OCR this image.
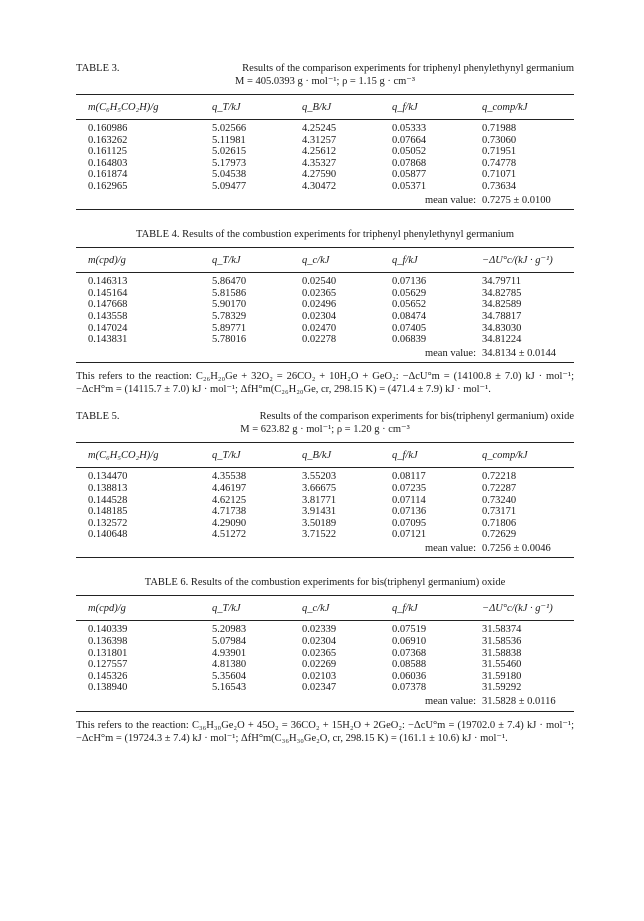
TABLE 3.	Results of the comparison experiments for triphenyl phenylethynyl germanium
M = 405.0393 g · mol⁻¹; ρ = 1.15 g · cm⁻³
m(C₆H₅CO₂H)/g	q_T/kJ	q_B/kJ	q_f/kJ	q_comp/kJ
0.160986	5.02566	4.25245	0.05333	0.71988
0.163262	5.11981	4.31257	0.07664	0.73060
0.161125	5.02615	4.25612	0.05052	0.71951
0.164803	5.17973	4.35327	0.07868	0.74778
0.161874	5.04538	4.27590	0.05877	0.71071
0.162965	5.09477	4.30472	0.05371	0.73634
mean value:				0.7275 ± 0.0100
TABLE 4. Results of the combustion experiments for triphenyl phenylethynyl germanium
m(cpd)/g	q_T/kJ	q_c/kJ	q_f/kJ	−ΔU°c/(kJ · g⁻¹)
0.146313	5.86470	0.02540	0.07136	34.79711
0.145164	5.81586	0.02365	0.05629	34.82785
0.147668	5.90170	0.02496	0.05652	34.82589
0.143558	5.78329	0.02304	0.08474	34.78817
0.147024	5.89771	0.02470	0.07405	34.83030
0.143831	5.78016	0.02278	0.06839	34.81224
mean value:				34.8134 ± 0.0144
This refers to the reaction: C₂₆H₂₀Ge + 32O₂ = 26CO₂ + 10H₂O + GeO₂: −ΔcU°m = (14100.8 ± 7.0) kJ · mol⁻¹; −ΔcH°m = (14115.7 ± 7.0) kJ · mol⁻¹; ΔfH°m(C₂₆H₂₀Ge, cr, 298.15 K) = (471.4 ± 7.9) kJ · mol⁻¹.
TABLE 5.	Results of the comparison experiments for bis(triphenyl germanium) oxide
M = 623.82 g · mol⁻¹; ρ = 1.20 g · cm⁻³
m(C₆H₅CO₂H)/g	q_T/kJ	q_B/kJ	q_f/kJ	q_comp/kJ
0.134470	4.35538	3.55203	0.08117	0.72218
0.138813	4.46197	3.66675	0.07235	0.72287
0.144528	4.62125	3.81771	0.07114	0.73240
0.148185	4.71738	3.91431	0.07136	0.73171
0.132572	4.29090	3.50189	0.07095	0.71806
0.140648	4.51272	3.71522	0.07121	0.72629
mean value:				0.7256 ± 0.0046
TABLE 6. Results of the combustion experiments for bis(triphenyl germanium) oxide
m(cpd)/g	q_T/kJ	q_c/kJ	q_f/kJ	−ΔU°c/(kJ · g⁻¹)
0.140339	5.20983	0.02339	0.07519	31.58374
0.136398	5.07984	0.02304	0.06910	31.58536
0.131801	4.93901	0.02365	0.07368	31.58838
0.127557	4.81380	0.02269	0.08588	31.55460
0.145326	5.35604	0.02103	0.06036	31.59180
0.138940	5.16543	0.02347	0.07378	31.59292
mean value:				31.5828 ± 0.0116
This refers to the reaction: C₃₆H₃₀Ge₂O + 45O₂ = 36CO₂ + 15H₂O + 2GeO₂: −ΔcU°m = (19702.0 ± 7.4) kJ · mol⁻¹; −ΔcH°m = (19724.3 ± 7.4) kJ · mol⁻¹; ΔfH°m(C₃₆H₃₀Ge₂O, cr, 298.15 K) = (161.1 ± 10.6) kJ · mol⁻¹.
